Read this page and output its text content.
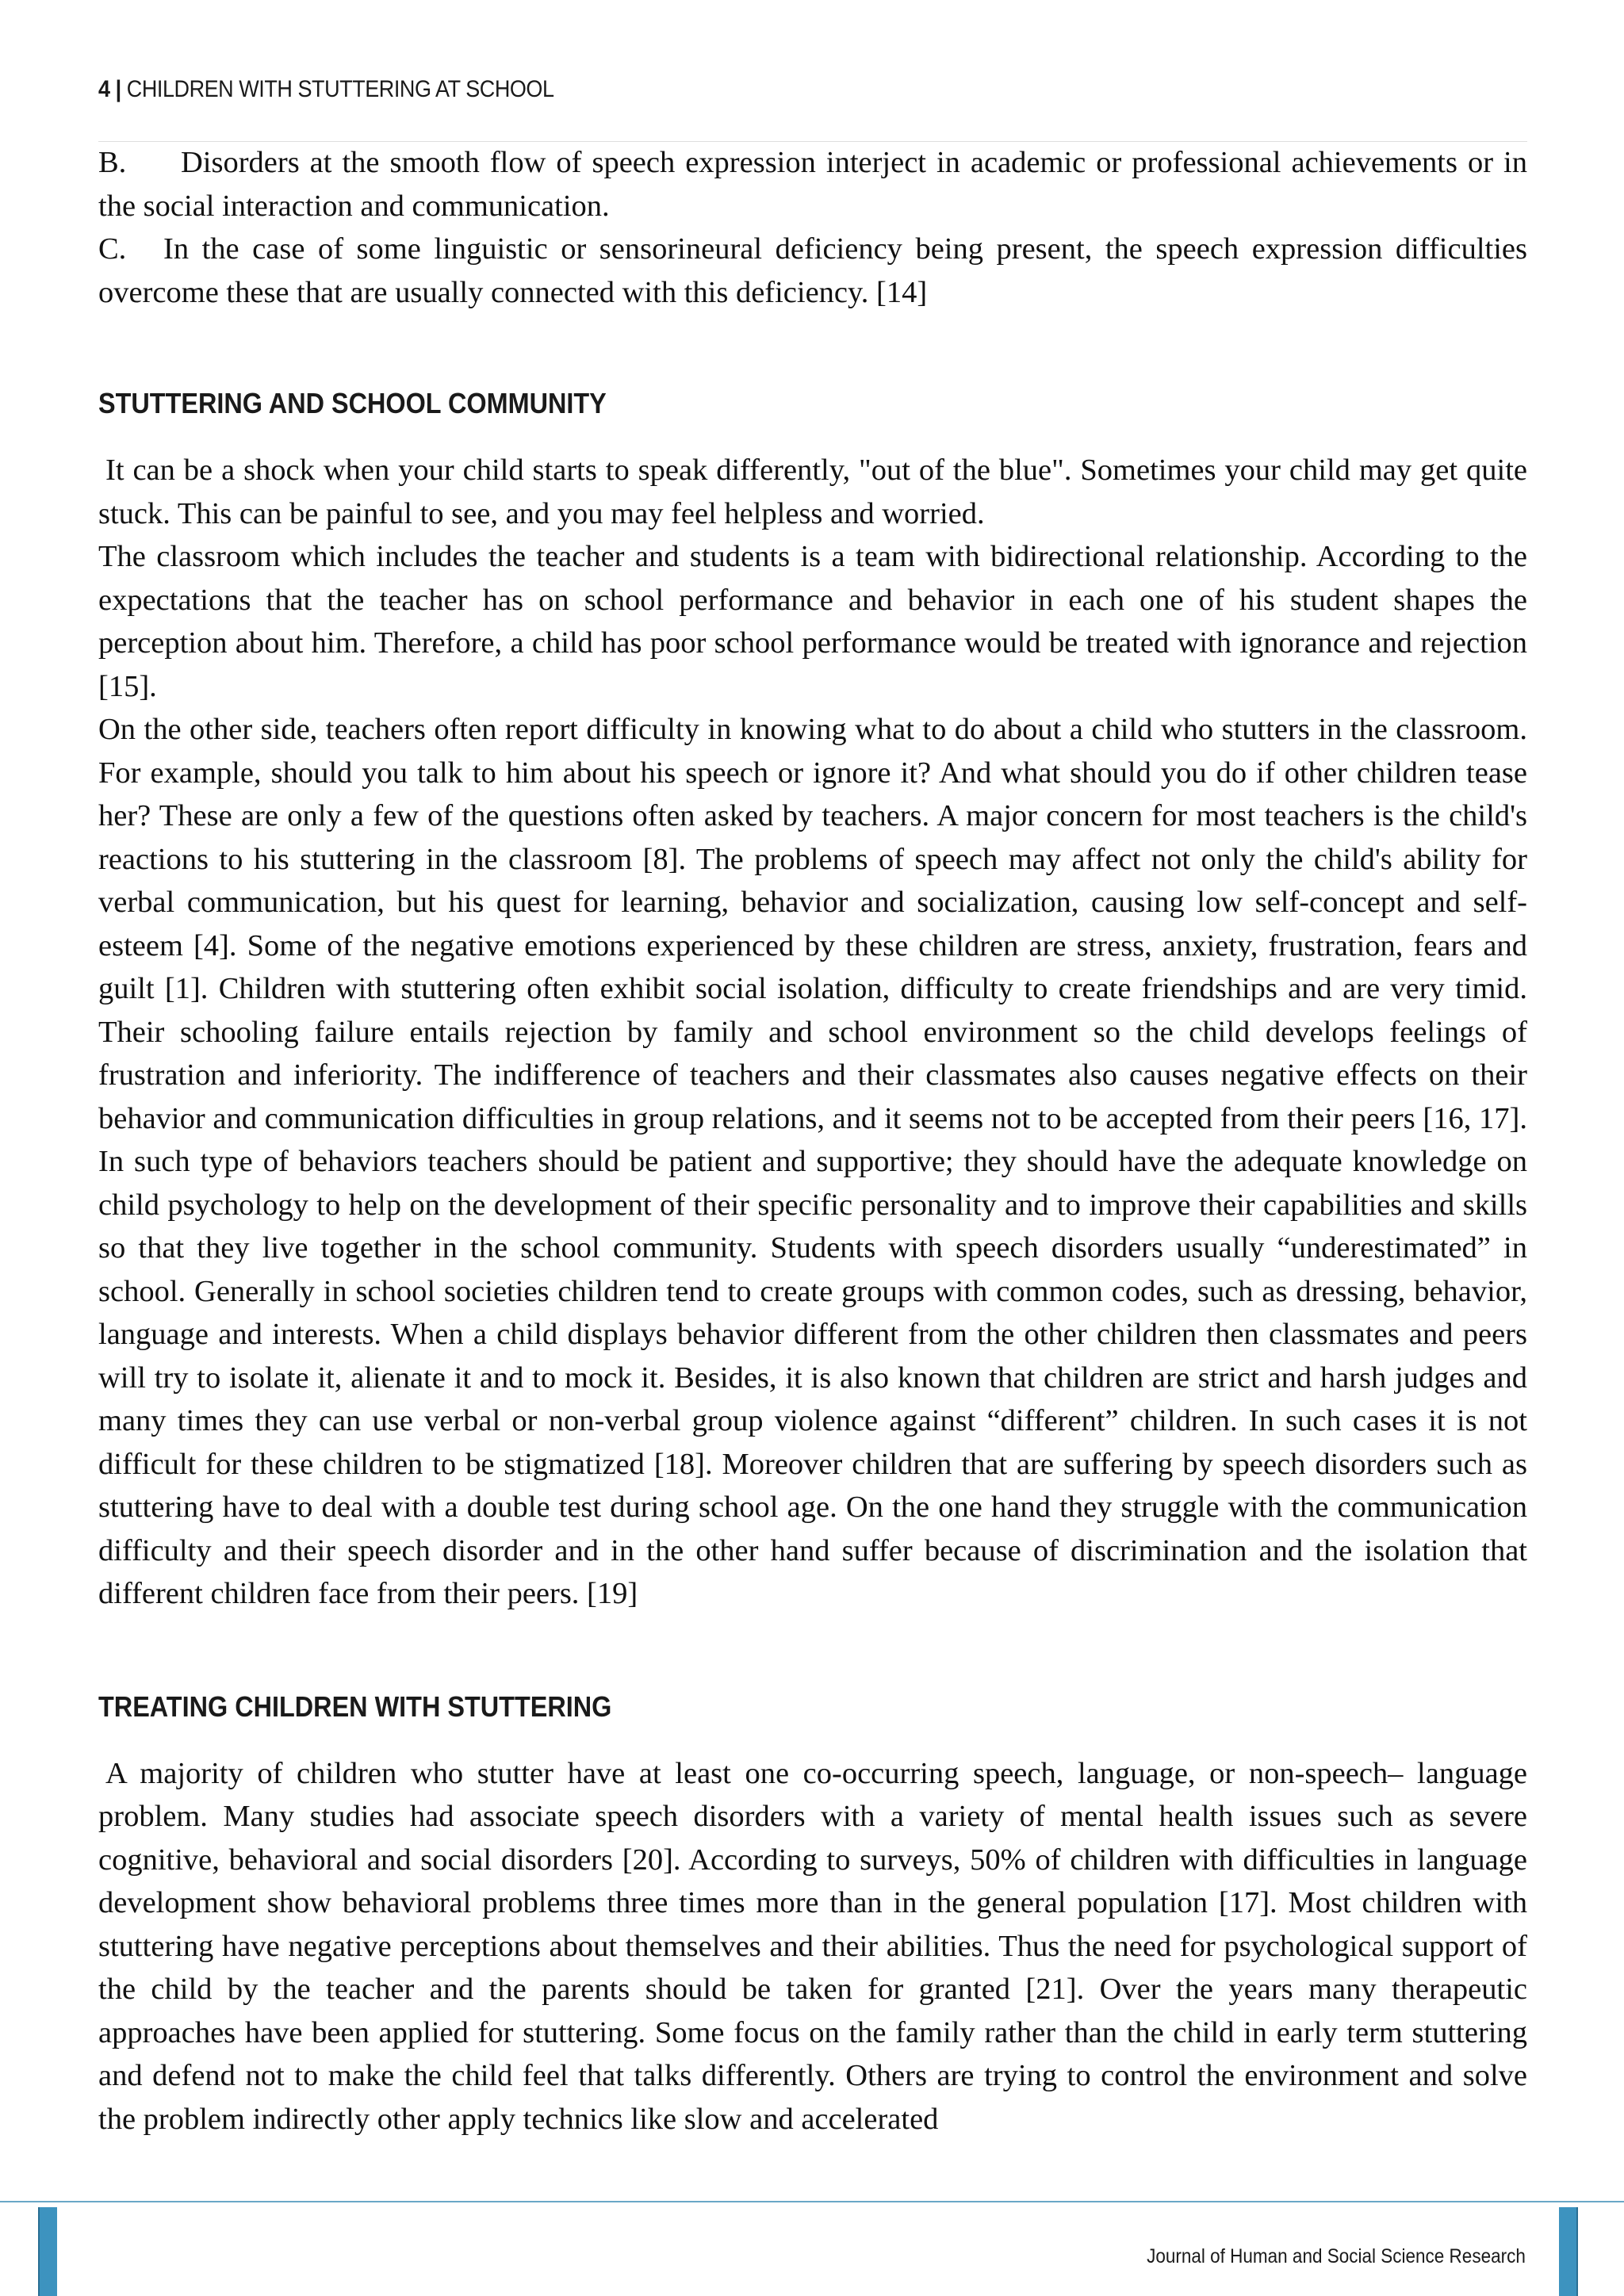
4 | CHILDREN WITH STUTTERING AT SCHOOL

B. Disorders at the smooth flow of speech expression interject in academic or professional achievements or in the social interaction and communication.

C. In the case of some linguistic or sensorineural deficiency being present, the speech expression difficulties overcome these that are usually connected with this deficiency. [14]

STUTTERING AND SCHOOL COMMUNITY

It can be a shock when your child starts to speak differently, "out of the blue". Sometimes your child may get quite stuck. This can be painful to see, and you may feel helpless and worried.

The classroom which includes the teacher and students is a team with bidirectional relationship. According to the expectations that the teacher has on school performance and behavior in each one of his student shapes the perception about him. Therefore, a child has poor school performance would be treated with ignorance and rejection [15].

On the other side, teachers often report difficulty in knowing what to do about a child who stutters in the classroom. For example, should you talk to him about his speech or ignore it? And what should you do if other children tease her? These are only a few of the questions often asked by teachers. A major concern for most teachers is the child's reactions to his stuttering in the classroom [8]. The problems of speech may affect not only the child's ability for verbal communication, but his quest for learning, behavior and socialization, causing low self-concept and self-esteem [4]. Some of the negative emotions experienced by these children are stress, anxiety, frustration, fears and guilt [1]. Children with stuttering often exhibit social isolation, difficulty to create friendships and are very timid. Their schooling failure entails rejection by family and school environment so the child develops feelings of frustration and inferiority. The indifference of teachers and their classmates also causes negative effects on their behavior and communication difficulties in group relations, and it seems not to be accepted from their peers [16, 17]. In such type of behaviors teachers should be patient and supportive; they should have the adequate knowledge on child psychology to help on the development of their specific personality and to improve their capabilities and skills so that they live together in the school community. Students with speech disorders usually “underestimated” in school. Generally in school societies children tend to create groups with common codes, such as dressing, behavior, language and interests. When a child displays behavior different from the other children then classmates and peers will try to isolate it, alienate it and to mock it. Besides, it is also known that children are strict and harsh judges and many times they can use verbal or non-verbal group violence against “different” children. In such cases it is not difficult for these children to be stigmatized [18]. Moreover children that are suffering by speech disorders such as stuttering have to deal with a double test during school age. On the one hand they struggle with the communication difficulty and their speech disorder and in the other hand suffer because of discrimination and the isolation that different children face from their peers. [19]

TREATING CHILDREN WITH STUTTERING

A majority of children who stutter have at least one co-occurring speech, language, or non-speech– language problem. Many studies had associate speech disorders with a variety of mental health issues such as severe cognitive, behavioral and social disorders [20]. According to surveys, 50% of children with difficulties in language development show behavioral problems three times more than in the general population [17]. Most children with stuttering have negative perceptions about themselves and their abilities. Thus the need for psychological support of the child by the teacher and the parents should be taken for granted [21]. Over the years many therapeutic approaches have been applied for stuttering. Some focus on the family rather than the child in early term stuttering and defend not to make the child feel that talks differently. Others are trying to control the environment and solve the problem indirectly other apply technics like slow and accelerated

Journal of Human and Social Science Research
